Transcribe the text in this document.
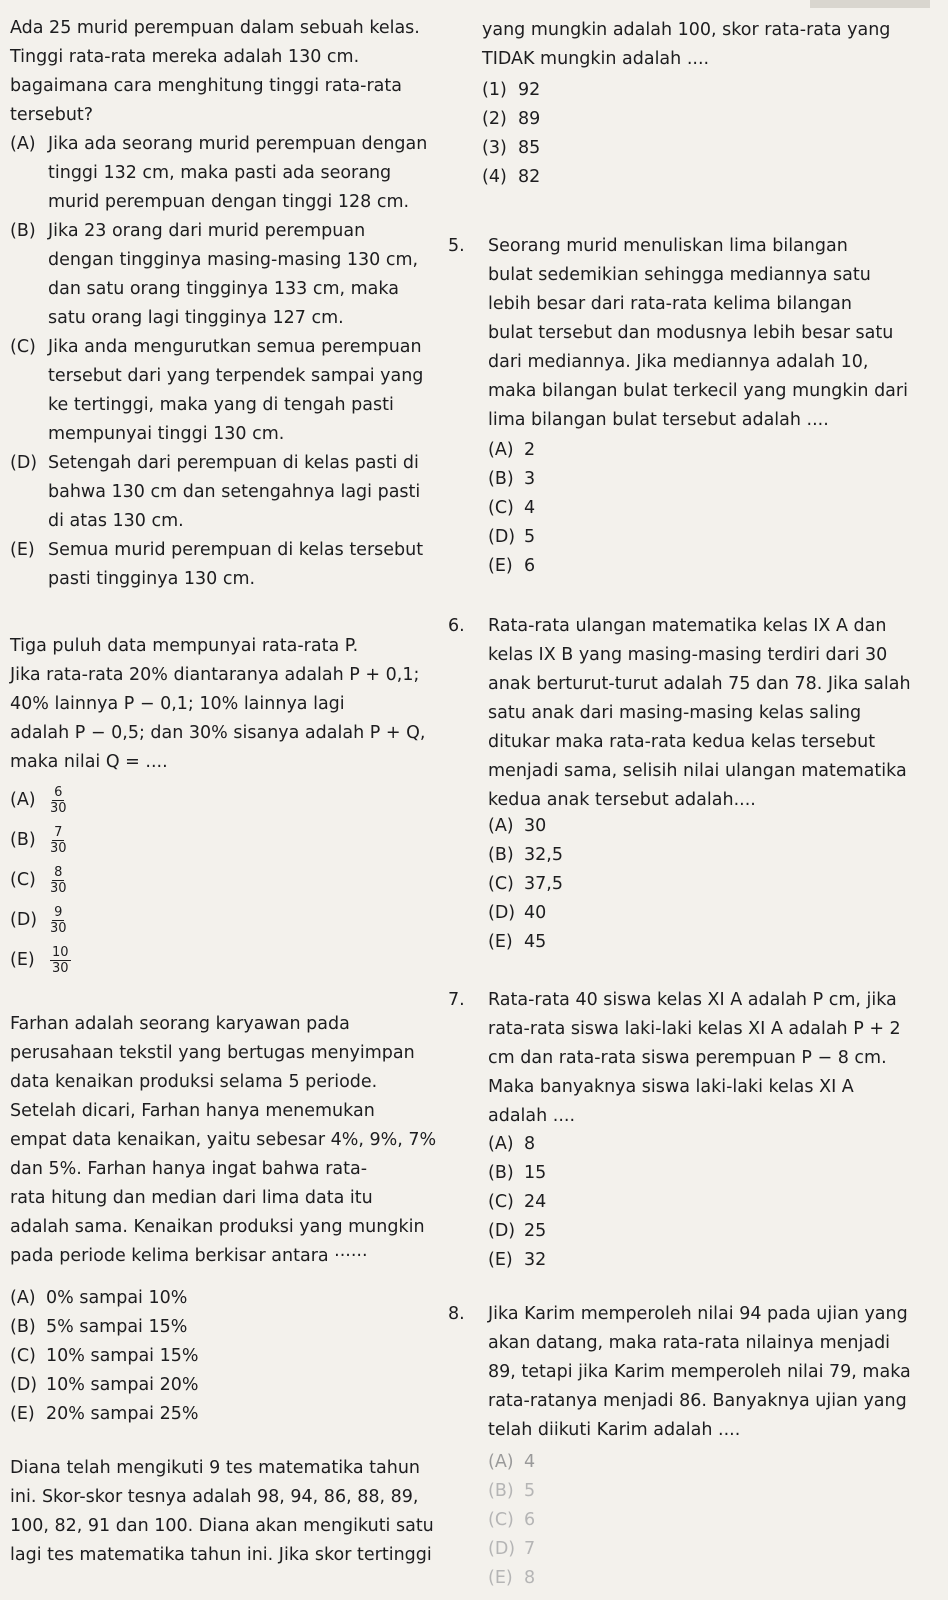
Ada 25 murid perempuan dalam sebuah kelas.
Tinggi rata-rata mereka adalah 130 cm.
bagaimana cara menghitung tinggi rata-rata
tersebut?
(A) Jika ada seorang murid perempuan dengan
tinggi 132 cm, maka pasti ada seorang
murid perempuan dengan tinggi 128 cm.
(B) Jika 23 orang dari murid perempuan
dengan tingginya masing-masing 130 cm,
dan satu orang tingginya 133 cm, maka
satu orang lagi tingginya 127 cm.
(C) Jika anda mengurutkan semua perempuan
tersebut dari yang terpendek sampai yang
ke tertinggi, maka yang di tengah pasti
mempunyai tinggi 130 cm.
(D) Setengah dari perempuan di kelas pasti di
bahwa 130 cm dan setengahnya lagi pasti
di atas 130 cm.
(E) Semua murid perempuan di kelas tersebut
pasti tingginya 130 cm.
Tiga puluh data mempunyai rata-rata P.
Jika rata-rata 20% diantaranya adalah P + 0,1;
40% lainnya P − 0,1; 10% lainnya lagi
adalah P − 0,5; dan 30% sisanya adalah P + Q,
maka nilai Q = ....
(A)	$\frac{6}{30}$
(B)	$\frac{7}{30}$
(C)	$\frac{8}{30}$
$(D) \frac{9}{30}$
(E)	$\frac{10}{30}$
Farhan adalah seorang karyawan pada
perusahaan tekstil yang bertugas menyimpan
data kenaikan produksi selama 5 periode.
Setelah dicari, Farhan hanya menemukan
empat data kenaikan, yaitu sebesar 4%, 9%, 7%
dan 5%. Farhan hanya ingat bahwa rata-
rata hitung dan median dari lima data itu
adalah sama. Kenaikan produksi yang mungkin
pada periode kelima berkisar antara ······
(A) 0% sampai 10%
(B) 5% sampai 15%
(C) 10% sampai 15%
(D) 10% sampai 20%
(E) 20% sampai 25%
Diana telah mengikuti 9 tes matematika tahun
ini. Skor-skor tesnya adalah 98, 94, 86, 88, 89,
100, 82, 91 dan 100. Diana akan mengikuti satu
lagi tes matematika tahun ini. Jika skor tertinggi
yang mungkin adalah 100, skor rata-rata yang
TIDAK mungkin adalah ....
(1) 92
(2) 89
(3) 85
(4) 82
5. Seorang murid menuliskan lima bilangan
bulat sedemikian sehingga mediannya satu
lebih besar dari rata-rata kelima bilangan
bulat tersebut dan modusnya lebih besar satu
dari mediannya. Jika mediannya adalah 10,
maka bilangan bulat terkecil yang mungkin dari
lima bilangan bulat tersebut adalah ....
(A) 2
(B) 3
(C) 4
(D) 5
(E) 6
6. Rata-rata ulangan matematika kelas IX A dan
kelas IX B yang masing-masing terdiri dari 30
anak berturut-turut adalah 75 dan 78. Jika salah
satu anak dari masing-masing kelas saling
ditukar maka rata-rata kedua kelas tersebut
menjadi sama, selisih nilai ulangan matematika
kedua anak tersebut adalah....
(A) 30
(B) 32,5
(C) 37,5
(D) 40
(E) 45
7. Rata-rata 40 siswa kelas XI A adalah P cm, jika
rata-rata siswa laki-laki kelas XI A adalah P + 2
cm dan rata-rata siswa perempuan P − 8 cm.
Maka banyaknya siswa laki-laki kelas XI A
adalah ....
(A) 8
(B) 15
(C) 24
(D) 25
(E) 32
8. Jika Karim memperoleh nilai 94 pada ujian yang
akan datang, maka rata-rata nilainya menjadi
89, tetapi jika Karim memperoleh nilai 79, maka
rata-ratanya menjadi 86. Banyaknya ujian yang
telah diikuti Karim adalah ....
(A) 4
(B) 5
(C) 6
(D) 7
(E) 8
